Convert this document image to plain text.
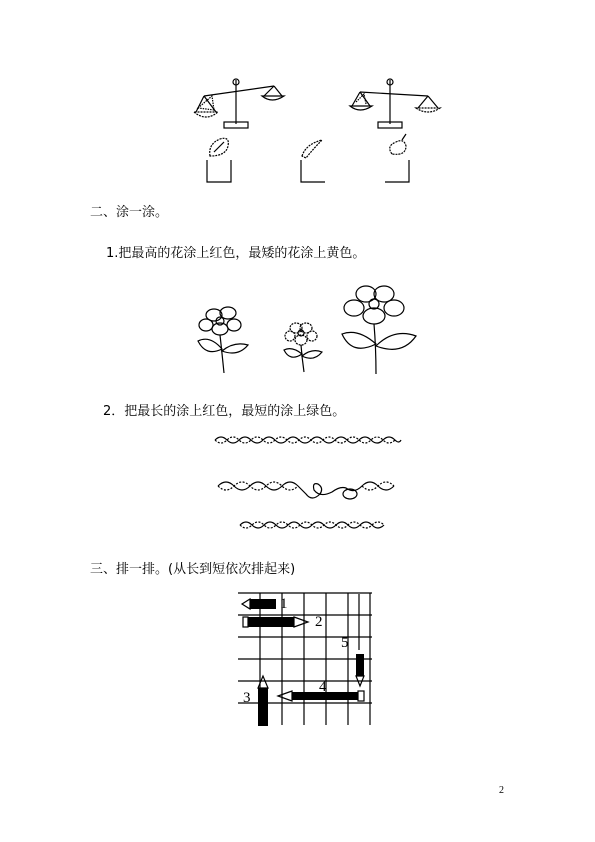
二、涂一涂。
1.把最高的花涂上红色，最矮的花涂上黄色。
2．把最长的涂上红色，最短的涂上绿色。
三、排一排。(从长到短依次排起来)
1
2
3
4
5
2
